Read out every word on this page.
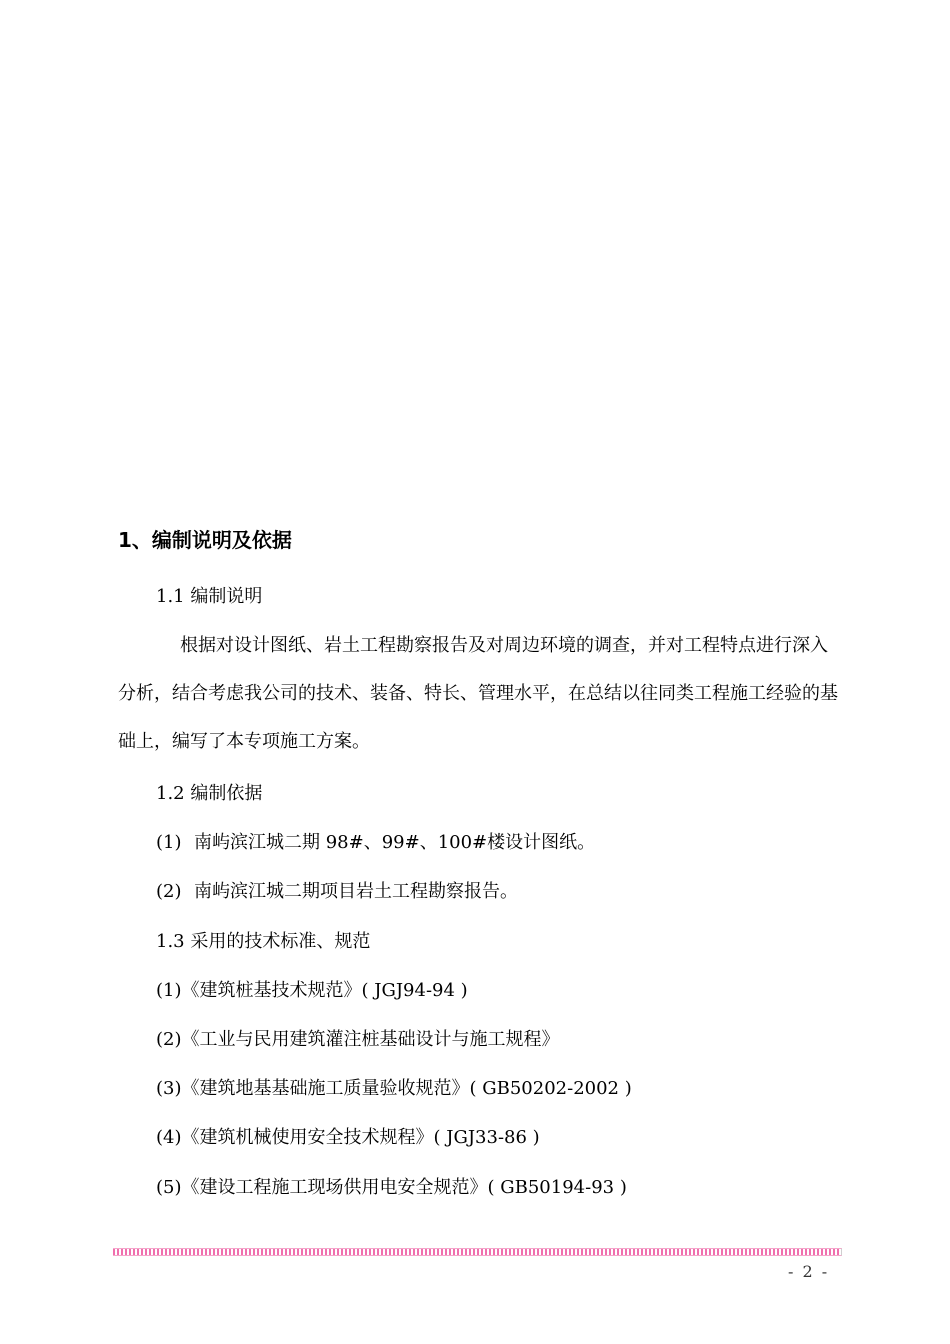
1、编制说明及依据
1.1 编制说明
根据对设计图纸、岩土工程勘察报告及对周边环境的调查，并对工程特点进行深入
分析，结合考虑我公司的技术、装备、特长、管理水平，在总结以往同类工程施工经验的基
础上，编写了本专项施工方案。
1.2 编制依据
(1) 南屿滨江城二期 98#、99#、100#楼设计图纸。
(2) 南屿滨江城二期项目岩土工程勘察报告。
1.3 采用的技术标准、规范
(1)《建筑桩基技术规范》( JGJ94-94 )
(2)《工业与民用建筑灌注桩基础设计与施工规程》
(3)《建筑地基基础施工质量验收规范》( GB50202-2002 )
(4)《建筑机械使用安全技术规程》( JGJ33-86 )
(5)《建设工程施工现场供用电安全规范》( GB50194-93 )
- 2 -
